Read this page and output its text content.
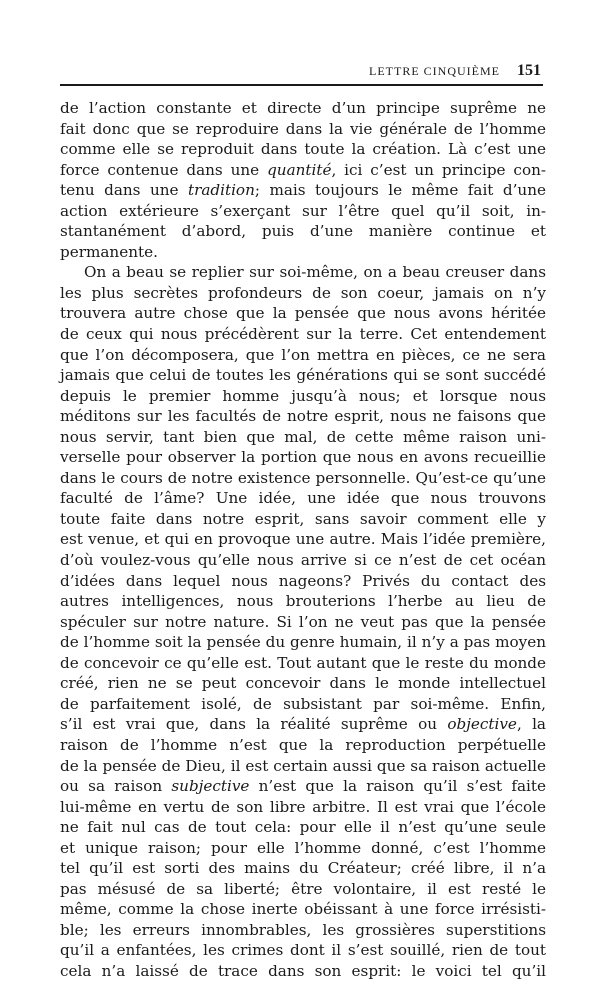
LETTRE CINQUIÈME 151
de l’action constante et directe d’un principe suprême ne
fait donc que se reproduire dans la vie générale de l’homme
comme elle se reproduit dans toute la création. Là c’est une
force contenue dans une quantité, ici c’est un principe con-
tenu dans une tradition; mais toujours le même fait d’une
action extérieure s’exerçant sur l’être quel qu’il soit, in-
stantanément d’abord, puis d’une manière continue et
permanente.
On a beau se replier sur soi-même, on a beau creuser dans
les plus secrètes profondeurs de son coeur, jamais on n’y
trouvera autre chose que la pensée que nous avons héritée
de ceux qui nous précédèrent sur la terre. Cet entendement
que l’on décomposera, que l’on mettra en pièces, ce ne sera
jamais que celui de toutes les générations qui se sont succédé
depuis le premier homme jusqu’à nous; et lorsque nous
méditons sur les facultés de notre esprit, nous ne faisons que
nous servir, tant bien que mal, de cette même raison uni-
verselle pour observer la portion que nous en avons recueillie
dans le cours de notre existence personnelle. Qu’est-ce qu’une
faculté de l’âme? Une idée, une idée que nous trouvons
toute faite dans notre esprit, sans savoir comment elle y
est venue, et qui en provoque une autre. Mais l’idée première,
d’où voulez-vous qu’elle nous arrive si ce n’est de cet océan
d’idées dans lequel nous nageons? Privés du contact des
autres intelligences, nous brouterions l’herbe au lieu de
spéculer sur notre nature. Si l’on ne veut pas que la pensée
de l’homme soit la pensée du genre humain, il n’y a pas moyen
de concevoir ce qu’elle est. Tout autant que le reste du monde
créé, rien ne se peut concevoir dans le monde intellectuel
de parfaitement isolé, de subsistant par soi-même. Enfin,
s’il est vrai que, dans la réalité suprême ou objective, la
raison de l’homme n’est que la reproduction perpétuelle
de la pensée de Dieu, il est certain aussi que sa raison actuelle
ou sa raison subjective n’est que la raison qu’il s’est faite
lui-même en vertu de son libre arbitre. Il est vrai que l’école
ne fait nul cas de tout cela: pour elle il n’est qu’une seule
et unique raison; pour elle l’homme donné, c’est l’homme
tel qu’il est sorti des mains du Créateur; créé libre, il n’a
pas mésusé de sa liberté; être volontaire, il est resté le
même, comme la chose inerte obéissant à une force irrésisti-
ble; les erreurs innombrables, les grossières superstitions
qu’il a enfantées, les crimes dont il s’est souillé, rien de tout
cela n’a laissé de trace dans son esprit: le voici tel qu’il
